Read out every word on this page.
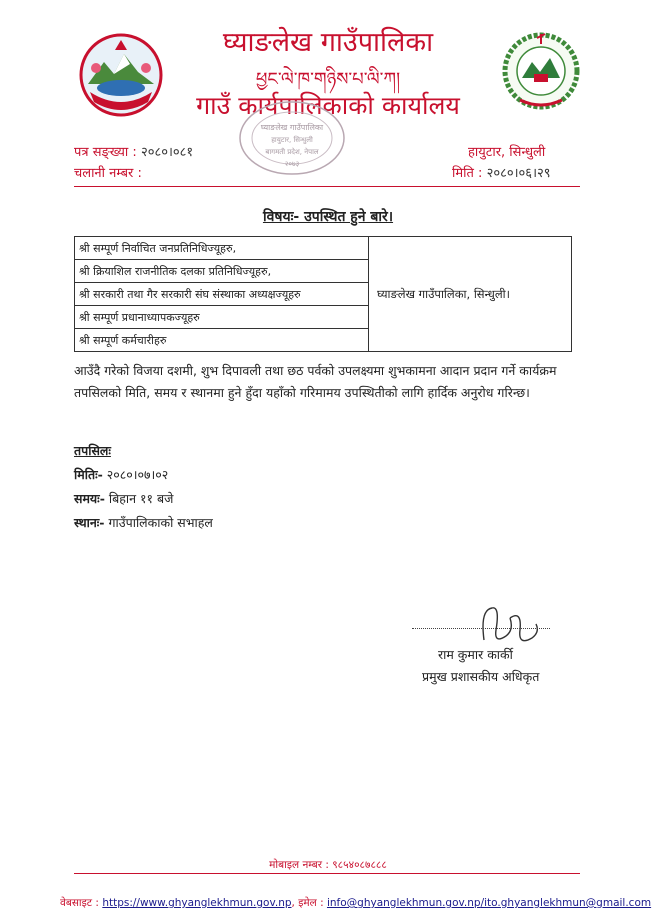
घ्याङलेख गाउँपालिका
ཕྱང་ལེ་ཁ་གཉིས་པ་ལི་ཀ།
गाउँ कार्यपालिकाको कार्यालय
घ्याङलेख गाउँपालिका
हायुटार, सिन्धुली
बागमती प्रदेश, नेपाल
२०७३
पत्र सङ्ख्या : २०८०।०८१
चलानी नम्बर :
हायुटार, सिन्धुली
मिति : २०८०।०६।२९
विषयः- उपस्थित हुने बारे।
श्री सम्पूर्ण निर्वाचित जनप्रतिनिधिज्यूहरु,	घ्याङलेख गाउँपालिका, सिन्धुली।
श्री क्रियाशिल राजनीतिक दलका प्रतिनिधिज्यूहरु,
श्री सरकारी तथा गैर सरकारी संघ संस्थाका अध्यक्षज्यूहरु
श्री सम्पूर्ण प्रधानाध्यापकज्यूहरु
श्री सम्पूर्ण कर्मचारीहरु
आउँदै गरेको विजया दशमी, शुभ दिपावली तथा छठ पर्वको उपलक्ष्यमा शुभकामना आदान प्रदान गर्ने कार्यक्रम तपसिलको मिति, समय र स्थानमा हुने हुँदा यहाँको गरिमामय उपस्थितीको लागि हार्दिक अनुरोध गरिन्छ।
तपसिलः
मितिः- २०८०।०७।०२
समयः- बिहान ११ बजे
स्थानः- गाउँपालिकाको सभाहल
राम कुमार कार्की
प्रमुख प्रशासकीय अधिकृत
मोबाइल नम्बर : ९८५४०८७८८८
वेबसाइट : https://www.ghyanglekhmun.gov.np, इमेल : info@ghyanglekhmun.gov.np/ito.ghyanglekhmun@gmail.com
